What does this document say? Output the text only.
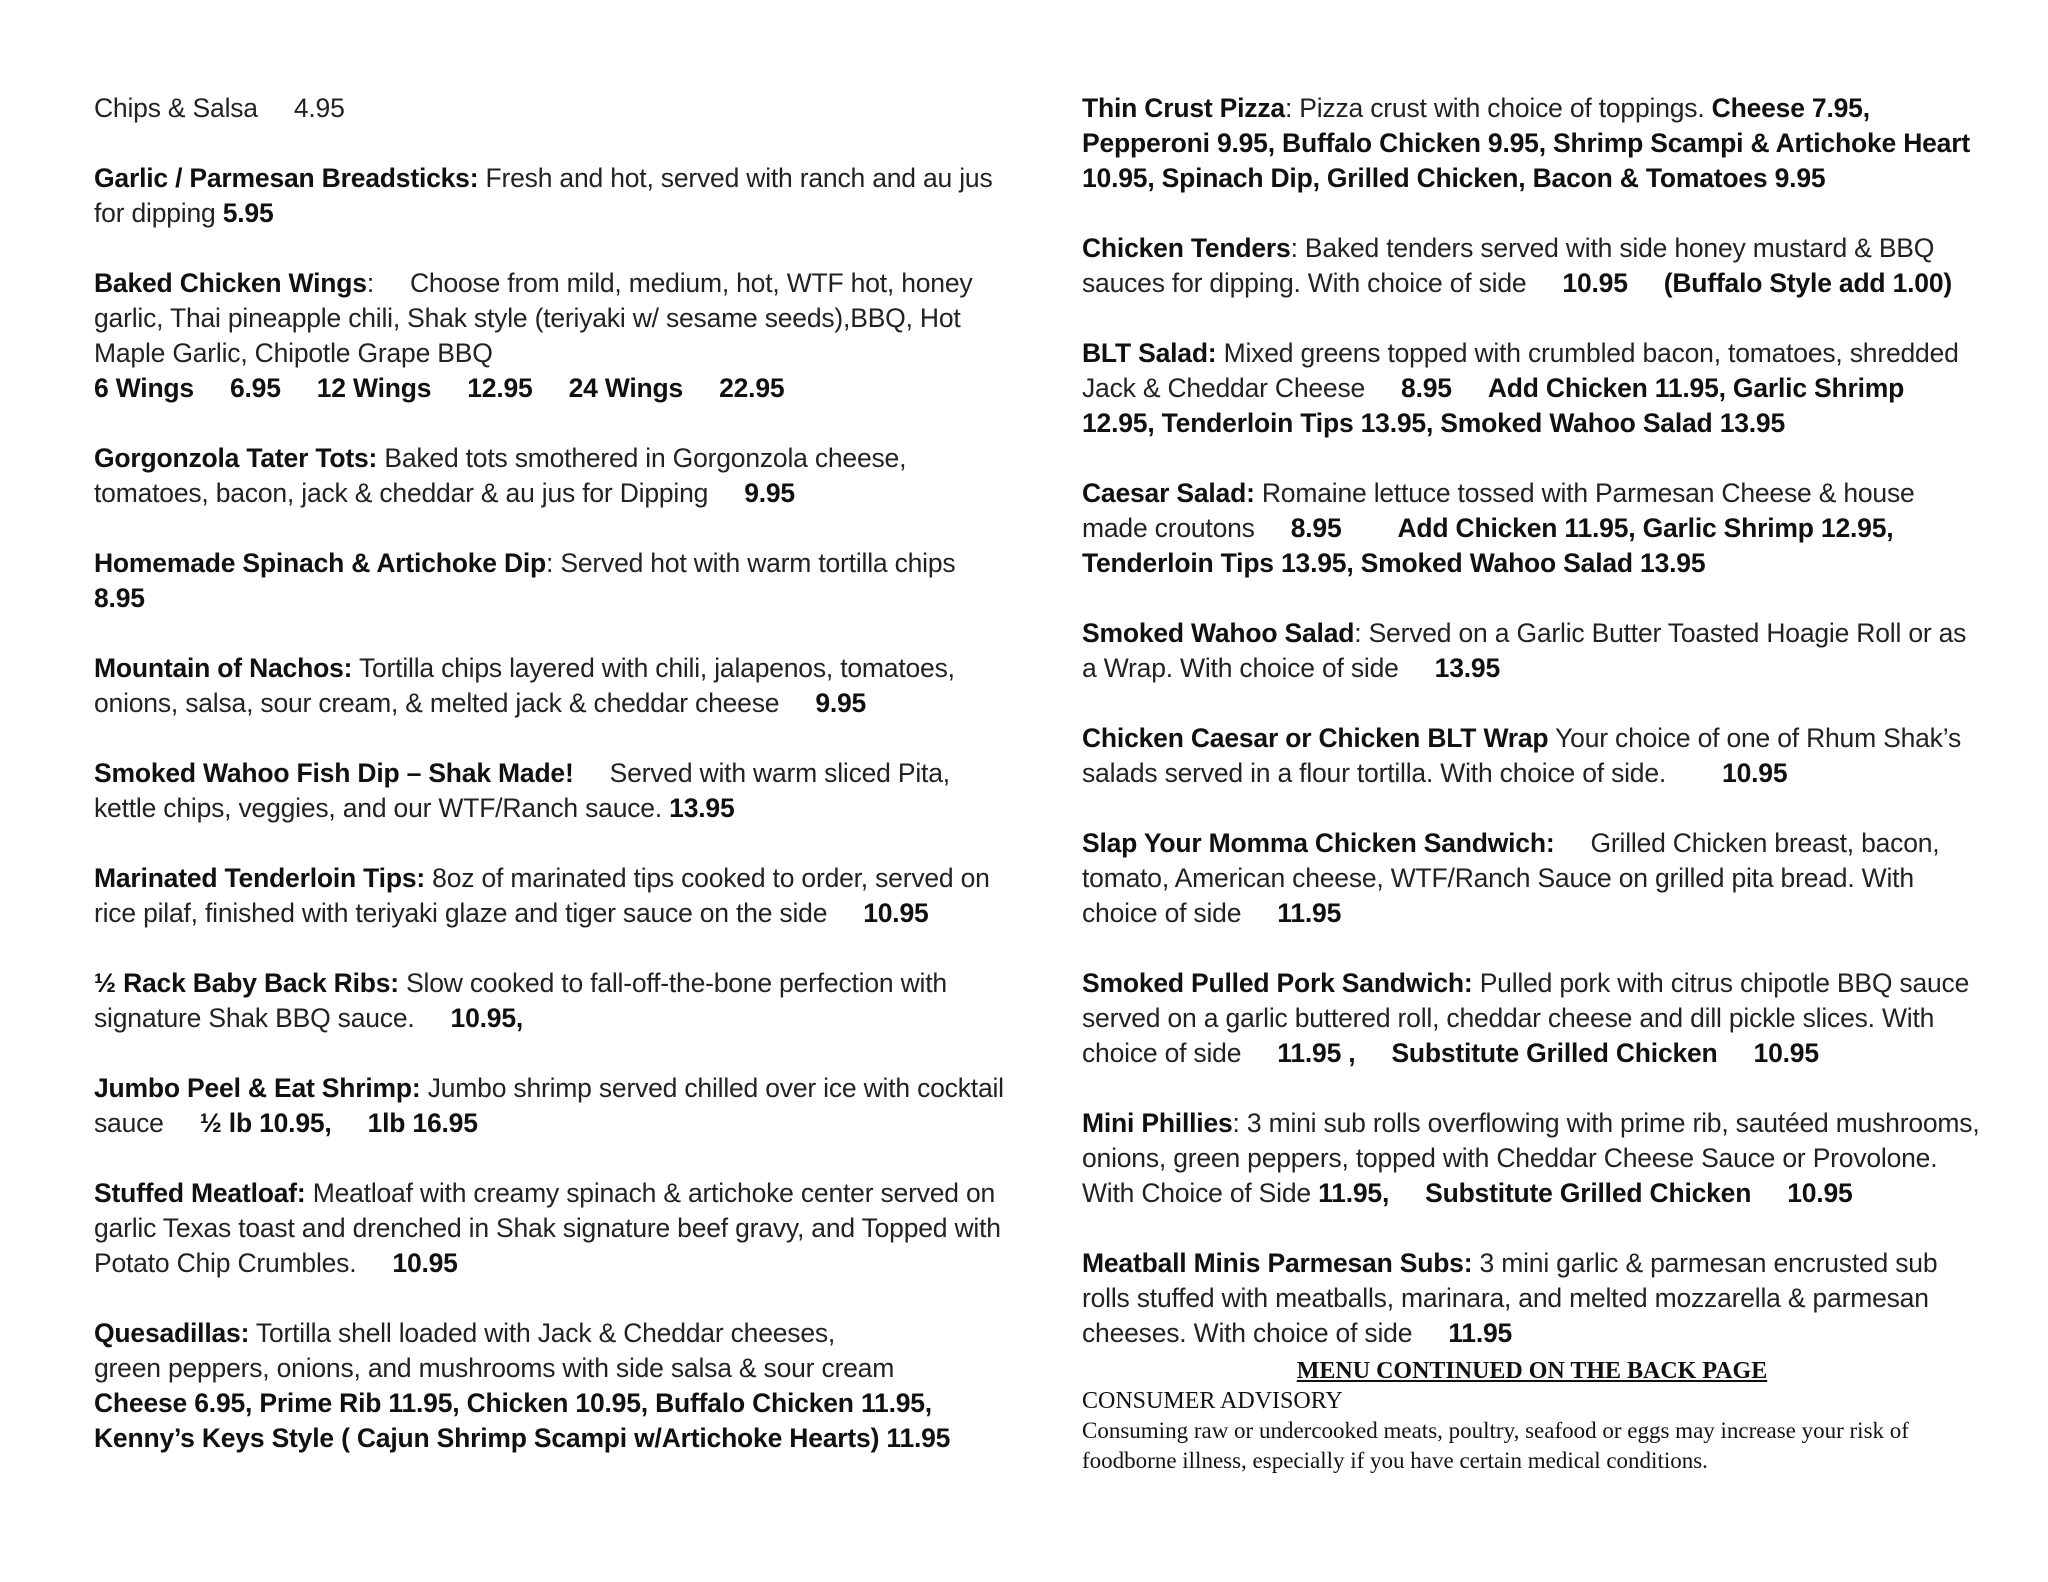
Chips & Salsa 4.95
Garlic / Parmesan Breadsticks: Fresh and hot, served with ranch and au jus for dipping 5.95
Baked Chicken Wings: Choose from mild, medium, hot, WTF hot, honey garlic, Thai pineapple chili, Shak style (teriyaki w/ sesame seeds),BBQ, Hot Maple Garlic, Chipotle Grape BBQ
6 Wings 6.95 12 Wings 12.95 24 Wings 22.95
Gorgonzola Tater Tots: Baked tots smothered in Gorgonzola cheese, tomatoes, bacon, jack & cheddar & au jus for Dipping 9.95
Homemade Spinach & Artichoke Dip: Served hot with warm tortilla chips
8.95
Mountain of Nachos: Tortilla chips layered with chili, jalapenos, tomatoes, onions, salsa, sour cream, & melted jack & cheddar cheese 9.95
Smoked Wahoo Fish Dip – Shak Made! Served with warm sliced Pita, kettle chips, veggies, and our WTF/Ranch sauce. 13.95
Marinated Tenderloin Tips: 8oz of marinated tips cooked to order, served on rice pilaf, finished with teriyaki glaze and tiger sauce on the side 10.95
½ Rack Baby Back Ribs: Slow cooked to fall-off-the-bone perfection with signature Shak BBQ sauce. 10.95,
Jumbo Peel & Eat Shrimp: Jumbo shrimp served chilled over ice with cocktail sauce ½ lb 10.95, 1lb 16.95
Stuffed Meatloaf: Meatloaf with creamy spinach & artichoke center served on garlic Texas toast and drenched in Shak signature beef gravy, and Topped with Potato Chip Crumbles. 10.95
Quesadillas: Tortilla shell loaded with Jack & Cheddar cheeses,
green peppers, onions, and mushrooms with side salsa & sour cream
Cheese 6.95, Prime Rib 11.95, Chicken 10.95, Buffalo Chicken 11.95, Kenny’s Keys Style ( Cajun Shrimp Scampi w/Artichoke Hearts) 11.95
Thin Crust Pizza: Pizza crust with choice of toppings. Cheese 7.95, Pepperoni 9.95, Buffalo Chicken 9.95, Shrimp Scampi & Artichoke Heart 10.95, Spinach Dip, Grilled Chicken, Bacon & Tomatoes 9.95
Chicken Tenders: Baked tenders served with side honey mustard & BBQ sauces for dipping. With choice of side 10.95 (Buffalo Style add 1.00)
BLT Salad: Mixed greens topped with crumbled bacon, tomatoes, shredded Jack & Cheddar Cheese 8.95 Add Chicken 11.95, Garlic Shrimp 12.95, Tenderloin Tips 13.95, Smoked Wahoo Salad 13.95
Caesar Salad: Romaine lettuce tossed with Parmesan Cheese & house made croutons 8.95 Add Chicken 11.95, Garlic Shrimp 12.95, Tenderloin Tips 13.95, Smoked Wahoo Salad 13.95
Smoked Wahoo Salad: Served on a Garlic Butter Toasted Hoagie Roll or as a Wrap. With choice of side 13.95
Chicken Caesar or Chicken BLT Wrap Your choice of one of Rhum Shak’s salads served in a flour tortilla. With choice of side. 10.95
Slap Your Momma Chicken Sandwich: Grilled Chicken breast, bacon, tomato, American cheese, WTF/Ranch Sauce on grilled pita bread. With choice of side 11.95
Smoked Pulled Pork Sandwich: Pulled pork with citrus chipotle BBQ sauce served on a garlic buttered roll, cheddar cheese and dill pickle slices. With choice of side 11.95 , Substitute Grilled Chicken 10.95
Mini Phillies: 3 mini sub rolls overflowing with prime rib, sautéed mushrooms, onions, green peppers, topped with Cheddar Cheese Sauce or Provolone. With Choice of Side 11.95, Substitute Grilled Chicken 10.95
Meatball Minis Parmesan Subs: 3 mini garlic & parmesan encrusted sub rolls stuffed with meatballs, marinara, and melted mozzarella & parmesan cheeses. With choice of side 11.95
MENU CONTINUED ON THE BACK PAGE
CONSUMER ADVISORY
Consuming raw or undercooked meats, poultry, seafood or eggs may increase your risk of foodborne illness, especially if you have certain medical conditions.
